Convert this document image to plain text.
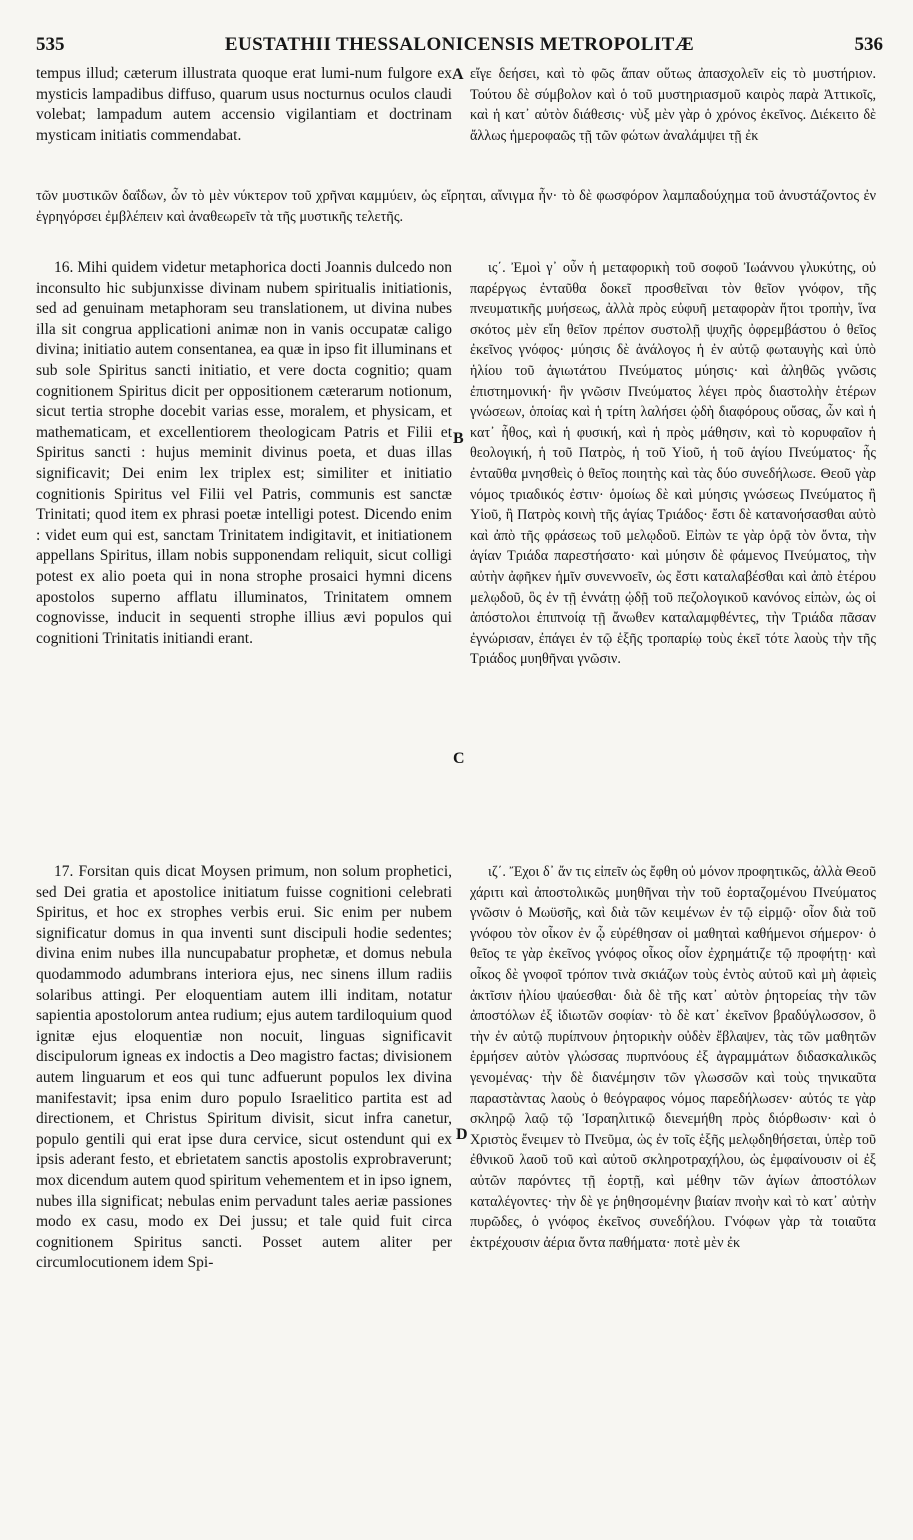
535	EUSTATHII THESSALONICENSIS METROPOLITÆ	536

tempus illud; cæterum illustrata quoque erat lumi-num fulgore ex mysticis lampadibus diffuso, quarum usus nocturnus oculos claudi volebat; lampadum autem accensio vigilantiam et doctrinam mysticam initiatis commendabat.

εἴγε δεήσει, καὶ τὸ φῶς ἅπαν οὕτως ἀπασχολεῖν εἰς τὸ μυστήριον. Τούτου δὲ σύμβολον καὶ ὁ τοῦ μυστηριασμοῦ καιρὸς παρὰ Ἀττικοῖς, καὶ ἡ κατ᾿ αὐτὸν διάθεσις· νὺξ μὲν γὰρ ὁ χρόνος ἐκεῖνος. Διέκειτο δὲ ἄλλως ἡμεροφαῶς τῇ τῶν φώτων ἀναλάμψει τῇ ἐκ

τῶν μυστικῶν δαΐδων, ὧν τὸ μὲν νύκτερον τοῦ χρῆναι καμμύειν, ὡς εἴρηται, αἴνιγμα ἦν· τὸ δὲ φωσφόρον λαμπαδούχημα τοῦ ἀνυστάζοντος ἐν ἐγρηγόρσει ἐμβλέπειν καὶ ἀναθεωρεῖν τὰ τῆς μυστικῆς τελετῆς.

16. Mihi quidem videtur metaphorica docti Joannis dulcedo non inconsulto hic subjunxisse divinam nubem spiritualis initiationis, sed ad genuinam metaphoram seu translationem, ut divina nubes illa sit congrua applicationi animæ non in vanis occupatæ caligo divina; initiatio autem consentanea, ea quæ in ipso fit illuminans et sub sole Spiritus sancti initiatio, et vere docta cognitio; quam cognitionem Spiritus dicit per oppositionem cæterarum notionum, sicut tertia strophe docebit varias esse, moralem, et physicam, et mathematicam, et excellentiorem theologicam Patris et Filii et Spiritus sancti : hujus meminit divinus poeta, et duas illas significavit; Dei enim lex triplex est; similiter et initiatio cognitionis Spiritus vel Filii vel Patris, communis est sanctæ Trinitati; quod item ex phrasi poetæ intelligi potest. Dicendo enim : videt eum qui est, sanctam Trinitatem indigitavit, et initiationem appellans Spiritus, illam nobis supponendam reliquit, sicut colligi potest ex alio poeta qui in nona strophe prosaici hymni dicens apostolos superno afflatu illuminatos, Trinitatem omnem cognovisse, inducit in sequenti strophe illius ævi populos qui cognitioni Trinitatis initiandi erant.

ις΄. Ἐμοὶ γ᾿ οὖν ἡ μεταφορικὴ τοῦ σοφοῦ Ἰωάννου γλυκύτης, οὐ παρέργως ἐνταῦθα δοκεῖ προσθεῖναι τὸν θεῖον γνόφον, τῆς πνευματικῆς μυήσεως, ἀλλὰ πρὸς εὐφυῆ μεταφορὰν ἤτοι τροπὴν, ἵνα σκότος μὲν εἴη θεῖον πρέπον συστολῇ ψυχῆς ὀφρεμβάστου ὁ θεῖος ἐκεῖνος γνόφος· μύησις δὲ ἀνάλογος ἡ ἐν αὐτῷ φωταυγὴς καὶ ὑπὸ ἡλίου τοῦ ἁγιωτάτου Πνεύματος μύησις· καὶ ἀληθῶς γνῶσις ἐπιστημονική· ἣν γνῶσιν Πνεύματος λέγει πρὸς διαστολὴν ἑτέρων γνώσεων, ὁποίας καὶ ἡ τρίτη λαλήσει ᾠδὴ διαφόρους οὔσας, ὧν καὶ ἡ κατ᾿ ἦθος, καὶ ἡ φυσική, καὶ ἡ πρὸς μάθησιν, καὶ τὸ κορυφαῖον ἡ θεολογική, ἡ τοῦ Πατρὸς, ἡ τοῦ Υἱοῦ, ἡ τοῦ ἁγίου Πνεύματος· ἧς ἐνταῦθα μνησθεὶς ὁ θεῖος ποιητὴς καὶ τὰς δύο συνεδήλωσε. Θεοῦ γὰρ νόμος τριαδικός ἐστιν· ὁμοίως δὲ καὶ μύησις γνώσεως Πνεύματος ἢ Υἱοῦ, ἢ Πατρὸς κοινὴ τῆς ἁγίας Τριάδος· ἔστι δὲ κατανοήσασθαι αὐτὸ καὶ ἀπὸ τῆς φράσεως τοῦ μελῳδοῦ. Εἰπὼν τε γὰρ ὁρᾷ τὸν ὄντα, τὴν ἁγίαν Τριάδα παρεστήσατο· καὶ μύησιν δὲ φάμενος Πνεύματος, τὴν αὐτὴν ἀφῆκεν ἡμῖν συνεννοεῖν, ὡς ἔστι καταλαβέσθαι καὶ ἀπὸ ἑτέρου μελῳδοῦ, ὃς ἐν τῇ ἐννάτῃ ᾠδῇ τοῦ πεζολογικοῦ κανόνος εἰπὼν, ὡς οἱ ἀπόστολοι ἐπιπνοίᾳ τῇ ἄνωθεν καταλαμφθέντες, τὴν Τριάδα πᾶσαν ἐγνώρισαν, ἐπάγει ἐν τῷ ἑξῆς τροπαρίῳ τοὺς ἐκεῖ τότε λαοὺς τὴν τῆς Τριάδος μυηθῆναι γνῶσιν.

17. Forsitan quis dicat Moysen primum, non solum prophetici, sed Dei gratia et apostolice initiatum fuisse cognitioni celebrati Spiritus, et hoc ex strophes verbis erui. Sic enim per nubem significatur domus in qua inventi sunt discipuli hodie sedentes; divina enim nubes illa nuncupabatur prophetæ, et domus nebula quodammodo adumbrans interiora ejus, nec sinens illum radiis solaribus attingi. Per eloquentiam autem illi inditam, notatur sapientia apostolorum antea rudium; ejus autem tardiloquium quod ignitæ ejus eloquentiæ non nocuit, linguas significavit discipulorum igneas ex indoctis a Deo magistro factas; divisionem autem linguarum et eos qui tunc adfuerunt populos lex divina manifestavit; ipsa enim duro populo Israelitico partita est ad directionem, et Christus Spiritum divisit, sicut infra canetur, populo gentili qui erat ipse dura cervice, sicut ostendunt qui ex ipsis aderant festo, et ebrietatem sanctis apostolis exprobraverunt; mox dicendum autem quod spiritum vehementem et in ipso ignem, nubes illa significat; nebulas enim pervadunt tales aeriæ passiones modo ex casu, modo ex Dei jussu; et tale quid fuit circa cognitionem Spiritus sancti. Posset autem aliter per circumlocutionem idem Spi-

ιζ΄. Ἔχοι δ᾿ ἄν τις εἰπεῖν ὡς ἔφθη οὐ μόνον προφητικῶς, ἀλλὰ Θεοῦ χάριτι καὶ ἀποστολικῶς μυηθῆναι τὴν τοῦ ἑορταζομένου Πνεύματος γνῶσιν ὁ Μωϋσῆς, καὶ διὰ τῶν κειμένων ἐν τῷ εἱρμῷ· οἶον διὰ τοῦ γνόφου τὸν οἶκον ἐν ᾧ εὑρέθησαν οἱ μαθηταὶ καθήμενοι σήμερον· ὁ θεῖος τε γὰρ ἐκεῖνος γνόφος οἶκος οἷον ἐχρημάτιζε τῷ προφήτῃ· καὶ οἶκος δὲ γνοφοῖ τρόπον τινὰ σκιάζων τοὺς ἐντὸς αὐτοῦ καὶ μὴ ἀφιεὶς ἀκτῖσιν ἡλίου ψαύεσθαι· διὰ δὲ τῆς κατ᾿ αὐτὸν ῥητορείας τὴν τῶν ἀποστόλων ἐξ ἰδιωτῶν σοφίαν· τὸ δὲ κατ᾿ ἐκεῖνον βραδύγλωσσον, ὃ τὴν ἐν αὐτῷ πυρίπνουν ῥητορικὴν οὐδὲν ἔβλαψεν, τὰς τῶν μαθητῶν ἑρμήσεν αὐτὸν γλώσσας πυρπνόους ἐξ ἀγραμμάτων διδασκαλικῶς γενομένας· τὴν δὲ διανέμησιν τῶν γλωσσῶν καὶ τοὺς τηνικαῦτα παραστὰντας λαοὺς ὁ θεόγραφος νόμος παρεδήλωσεν· αὐτός τε γὰρ σκληρῷ λαῷ τῷ Ἰσραηλιτικῷ διενεμήθη πρὸς διόρθωσιν· καὶ ὁ Χριστὸς ἔνειμεν τὸ Πνεῦμα, ὡς ἐν τοῖς ἑξῆς μελῳδηθήσεται, ὑπὲρ τοῦ ἐθνικοῦ λαοῦ τοῦ καὶ αὐτοῦ σκληροτραχήλου, ὡς ἐμφαίνουσιν οἱ ἐξ αὐτῶν παρόντες τῇ ἑορτῇ, καὶ μέθην τῶν ἁγίων ἀποστόλων καταλέγοντες· τὴν δὲ γε ῥηθησομένην βιαίαν πνοὴν καὶ τὸ κατ᾿ αὐτὴν πυρῶδες, ὁ γνόφος ἐκεῖνος συνεδήλου. Γνόφων γὰρ τὰ τοιαῦτα ἐκτρέχουσιν ἀέρια ὄντα παθήματα· ποτὲ μὲν ἐκ

A
B
C
D
